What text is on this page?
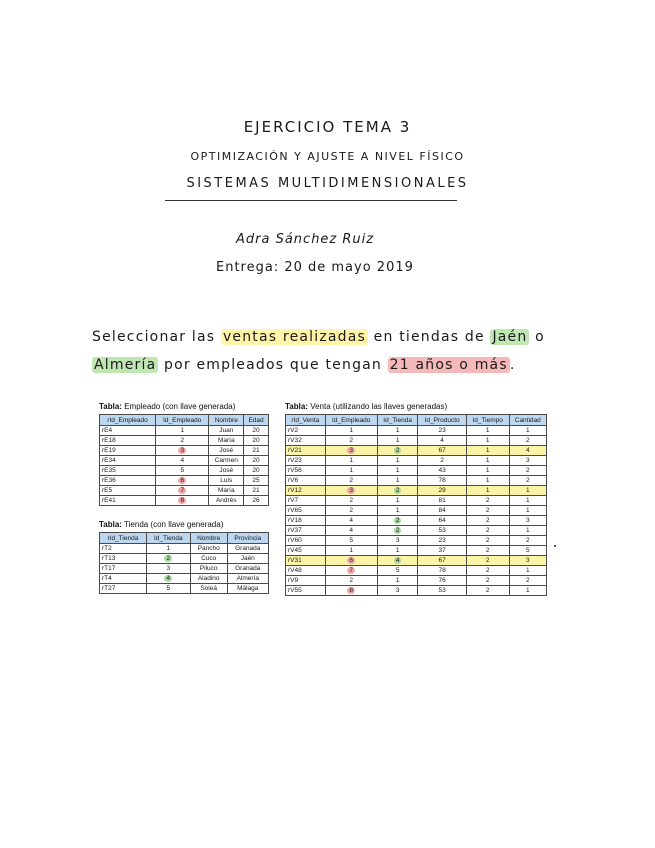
EJERCICIO TEMA 3
OPTIMIZACIÓN Y AJUSTE A NIVEL FÍSICO
SISTEMAS MULTIDIMENSIONALES
Adra Sánchez Ruiz
Entrega: 20 de mayo 2019
Seleccionar las ventas realizadas en tiendas de Jaén o
Almería por empleados que tengan 21 años o más .
Tabla: Empleado (con llave generada)
rId_Empleado	Id_Empleado	Nombre	Edad
rE4	1	Juan	20
rE18	2	María	20
rE19	3	José	21
rE34	4	Carmen	20
rE35	5	José	20
rE36	6	Luis	25
rE5	7	María	21
rE41	8	Andrés	26
Tabla: Tienda (con llave generada)
rId_Tienda	Id_Tienda	Nombre	Provincia
rT2	1	Pancho	Granada
rT13	2	Cuco	Jaén
rT17	3	Piluco	Granada
rT4	4	Aladino	Almería
rT27	5	Soleá	Málaga
Tabla: Venta (utilizando las llaves generadas)
rId_Venta	Id_Empleado	Id_Tienda	Id_Producto	Id_Tiempo	Cantidad
rV2	1	1	23	1	1
rV32	2	1	4	1	2
rV21	3	2	67	1	4
rV23	1	1	2	1	3
rV56	1	1	43	1	2
rV6	2	1	78	1	2
rV12	3	2	29	1	1
rV7	2	1	81	2	1
rV65	2	1	84	2	1
rV18	4	2	64	2	3
rV37	4	2	53	2	1
rV60	5	3	23	2	2
rV45	1	1	37	2	5
rV31	6	4	67	2	3
rV48	7	5	78	2	1
rV9	2	1	76	2	2
rV55	8	3	53	2	1
